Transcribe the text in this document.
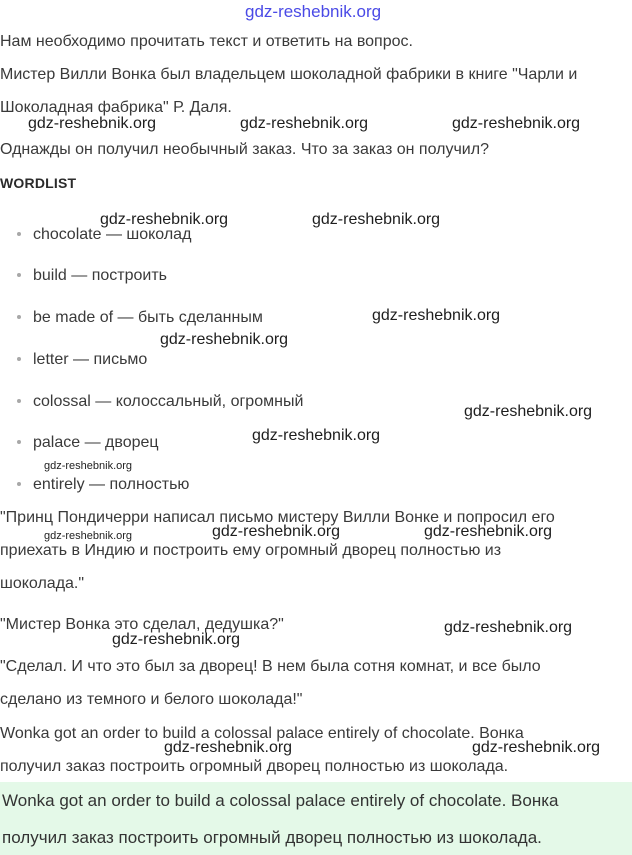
gdz-reshebnik.org
Нам необходимо прочитать текст и ответить на вопрос.
Мистер Вилли Вонка был владельцем шоколадной фабрики в книге "Чарли и
Шоколадная фабрика" Р. Даля.
Однажды он получил необычный заказ. Что за заказ он получил?
WORDLIST
chocolate — шоколад
build — построить
be made of — быть сделанным
letter — письмо
colossal — колоссальный, огромный
palace — дворец
entirely — полностью
"Принц Пондичерри написал письмо мистеру Вилли Вонке и попросил его
приехать в Индию и построить ему огромный дворец полностью из
шоколада."
"Мистер Вонка это сделал, дедушка?"
"Сделал. И что это был за дворец! В нем была сотня комнат, и все было
сделано из темного и белого шоколада!"
Wonka got an order to build a colossal palace entirely of chocolate. Вонка
получил заказ построить огромный дворец полностью из шоколада.
Wonka got an order to build a colossal palace entirely of chocolate. Вонка
получил заказ построить огромный дворец полностью из шоколада.
gdz-reshebnik.org	gdz-reshebnik.org	gdz-reshebnik.org
gdz-reshebnik.org	gdz-reshebnik.org
gdz-reshebnik.org
gdz-reshebnik.org
gdz-reshebnik.org
gdz-reshebnik.org
gdz-reshebnik.org
gdz-reshebnik.org	gdz-reshebnik.org	gdz-reshebnik.org
gdz-reshebnik.org
gdz-reshebnik.org
gdz-reshebnik.org	gdz-reshebnik.org
